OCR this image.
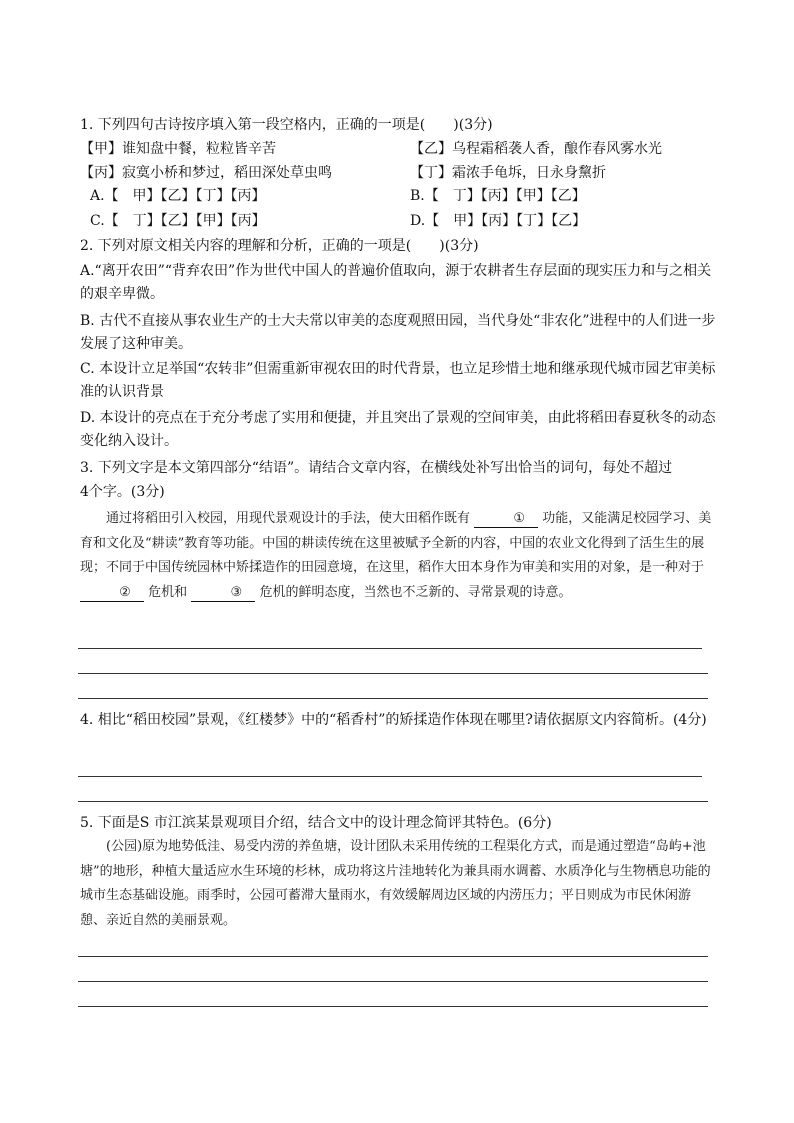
1. 下列四句古诗按序填入第一段空格内，正确的一项是(　　)(3分)
【甲】谁知盘中餐，粒粒皆辛苦	【乙】乌程霜稻袭人香，酿作春风雾水光
【丙】寂寞小桥和梦过，稻田深处草虫鸣	【丁】霜浓手龟坼，日永身黧折
A.【　甲】【乙】【丁】【丙】	B.【　丁】【丙】【甲】【乙】
C.【　丁】【乙】【甲】【丙】	D.【　甲】【丙】【丁】【乙】
2. 下列对原文相关内容的理解和分析，正确的一项是(　　)(3分)
A.“离开农田”“背弃农田”作为世代中国人的普遍价值取向，源于农耕者生存层面的现实压力和与之相关的艰辛卑微。
B. 古代不直接从事农业生产的士大夫常以审美的态度观照田园，当代身处“非农化”进程中的人们进一步发展了这种审美。
C. 本设计立足举国“农转非”但需重新审视农田的时代背景，也立足珍惜土地和继承现代城市园艺审美标准的认识背景
D. 本设计的亮点在于充分考虑了实用和便捷，并且突出了景观的空间审美，由此将稻田春夏秋冬的动态变化纳入设计。
3. 下列文字是本文第四部分“结语”。请结合文章内容，在横线处补写出恰当的词句，每处不超过
4个字。(3分)
通过将稻田引入校园，用现代景观设计的手法，使大田稻作既有	① 功能，又能满足校园学习、美育和文化及“耕读”教育等功能。中国的耕读传统在这里被赋予全新的内容，中国的农业文化得到了活生生的展现；不同于中国传统园林中矫揉造作的田园意境，在这里，稻作大田本身作为审美和实用的对象，是一种对于 ② 危机和	③ 危机的鲜明态度，当然也不乏新的、寻常景观的诗意。
4. 相比“稻田校园”景观，《红楼梦》中的“稻香村”的矫揉造作体现在哪里?请依据原文内容简析。(4分)
5. 下面是S 市江滨某景观项目介绍，结合文中的设计理念简评其特色。(6分)
(公园)原为地势低洼、易受内涝的养鱼塘，设计团队未采用传统的工程渠化方式，而是通过塑造“岛屿+池塘”的地形，种植大量适应水生环境的杉林，成功将这片洼地转化为兼具雨水调蓄、水质净化与生物栖息功能的城市生态基础设施。雨季时，公园可蓄滞大量雨水，有效缓解周边区域的内涝压力；平日则成为市民休闲游憩、亲近自然的美丽景观。
